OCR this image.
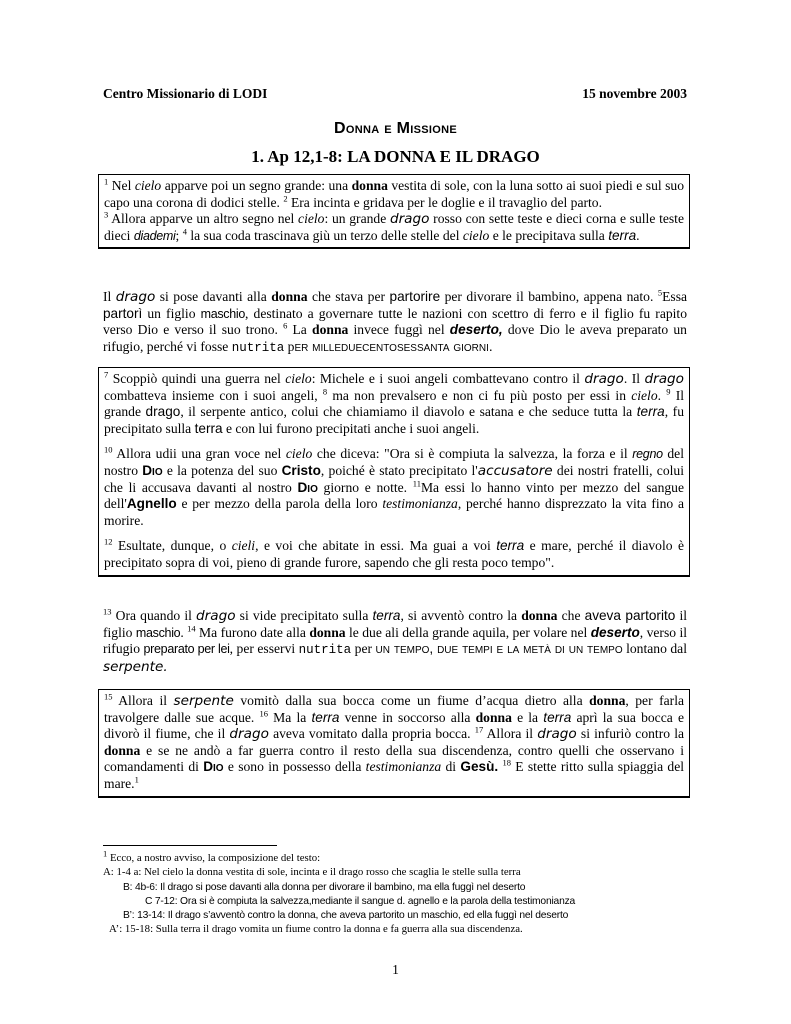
Centro Missionario di LODI	15 novembre 2003
Donna e Missione
1. Ap 12,1-8: LA DONNA E IL DRAGO

$^1$ Nel cielo apparve poi un segno grande: una donna vestita di sole, con la luna sotto ai suoi piedi e sul suo capo una corona di dodici stelle. $^2$ Era incinta e gridava per le doglie e il travaglio del parto.
$^3$ Allora apparve un altro segno nel cielo: un grande drago rosso con sette teste e dieci corna e sulle teste dieci diademi; $^4$ la sua coda trascinava giù un terzo delle stelle del cielo e le precipitava sulla terra.

Il drago si pose davanti alla donna che stava per partorire per divorare il bambino, appena nato. $^5$Essa partorì un figlio maschio, destinato a governare tutte le nazioni con scettro di ferro e il figlio fu rapito verso Dio e verso il suo trono. $^6$ La donna invece fuggì nel deserto, dove Dio le aveva preparato un rifugio, perché vi fosse nutrita per milleduecentosessanta giorni.

$^7$ Scoppiò quindi una guerra nel cielo: Michele e i suoi angeli combattevano contro il drago. Il drago combatteva insieme con i suoi angeli, $^8$ ma non prevalsero e non ci fu più posto per essi in cielo. $^9$ Il grande drago, il serpente antico, colui che chiamiamo il diavolo e satana e che seduce tutta la terra, fu precipitato sulla terra e con lui furono precipitati anche i suoi angeli.

$^{10}$ Allora udii una gran voce nel cielo che diceva: "Ora si è compiuta la salvezza, la forza e il regno del nostro Dio e la potenza del suo Cristo, poiché è stato precipitato l'accusatore dei nostri fratelli, colui che li accusava davanti al nostro Dio giorno e notte. $^{11}$Ma essi lo hanno vinto per mezzo del sangue dell'Agnello e per mezzo della parola della loro testimonianza, perché hanno disprezzato la vita fino a morire.

$^{12}$ Esultate, dunque, o cieli, e voi che abitate in essi. Ma guai a voi terra e mare, perché il diavolo è precipitato sopra di voi, pieno di grande furore, sapendo che gli resta poco tempo".

$^{13}$ Ora quando il drago si vide precipitato sulla terra, si avventò contro la donna che aveva partorito il figlio maschio. $^{14}$ Ma furono date alla donna le due ali della grande aquila, per volare nel deserto, verso il rifugio preparato per lei, per esservi nutrita per un tempo, due tempi e la metà di un tempo lontano dal serpente.

$^{15}$ Allora il serpente vomitò dalla sua bocca come un fiume d’acqua dietro alla donna, per farla travolgere dalle sue acque. $^{16}$ Ma la terra venne in soccorso alla donna e la terra aprì la sua bocca e divorò il fiume, che il drago aveva vomitato dalla propria bocca. $^{17}$ Allora il drago si infuriò contro la donna e se ne andò a far guerra contro il resto della sua discendenza, contro quelli che osservano i comandamenti di Dio e sono in possesso della testimonianza di Gesù. $^{18}$ E stette ritto sulla spiaggia del mare.$^1$

$^1$ Ecco, a nostro avviso, la composizione del testo:
A: 1-4 a: Nel cielo la donna vestita di sole, incinta e il drago rosso che scaglia le stelle sulla terra
B: 4b-6: Il drago si pose davanti alla donna per divorare il bambino, ma ella fuggì nel deserto
C 7-12: Ora si è compiuta la salvezza,mediante il sangue d. agnello e la parola della testimonianza
B’: 13-14: Il drago s’avventò contro la donna, che aveva partorito un maschio, ed ella fuggì nel deserto
A’: 15-18: Sulla terra il drago vomita un fiume contro la donna e fa guerra alla sua discendenza.
1
